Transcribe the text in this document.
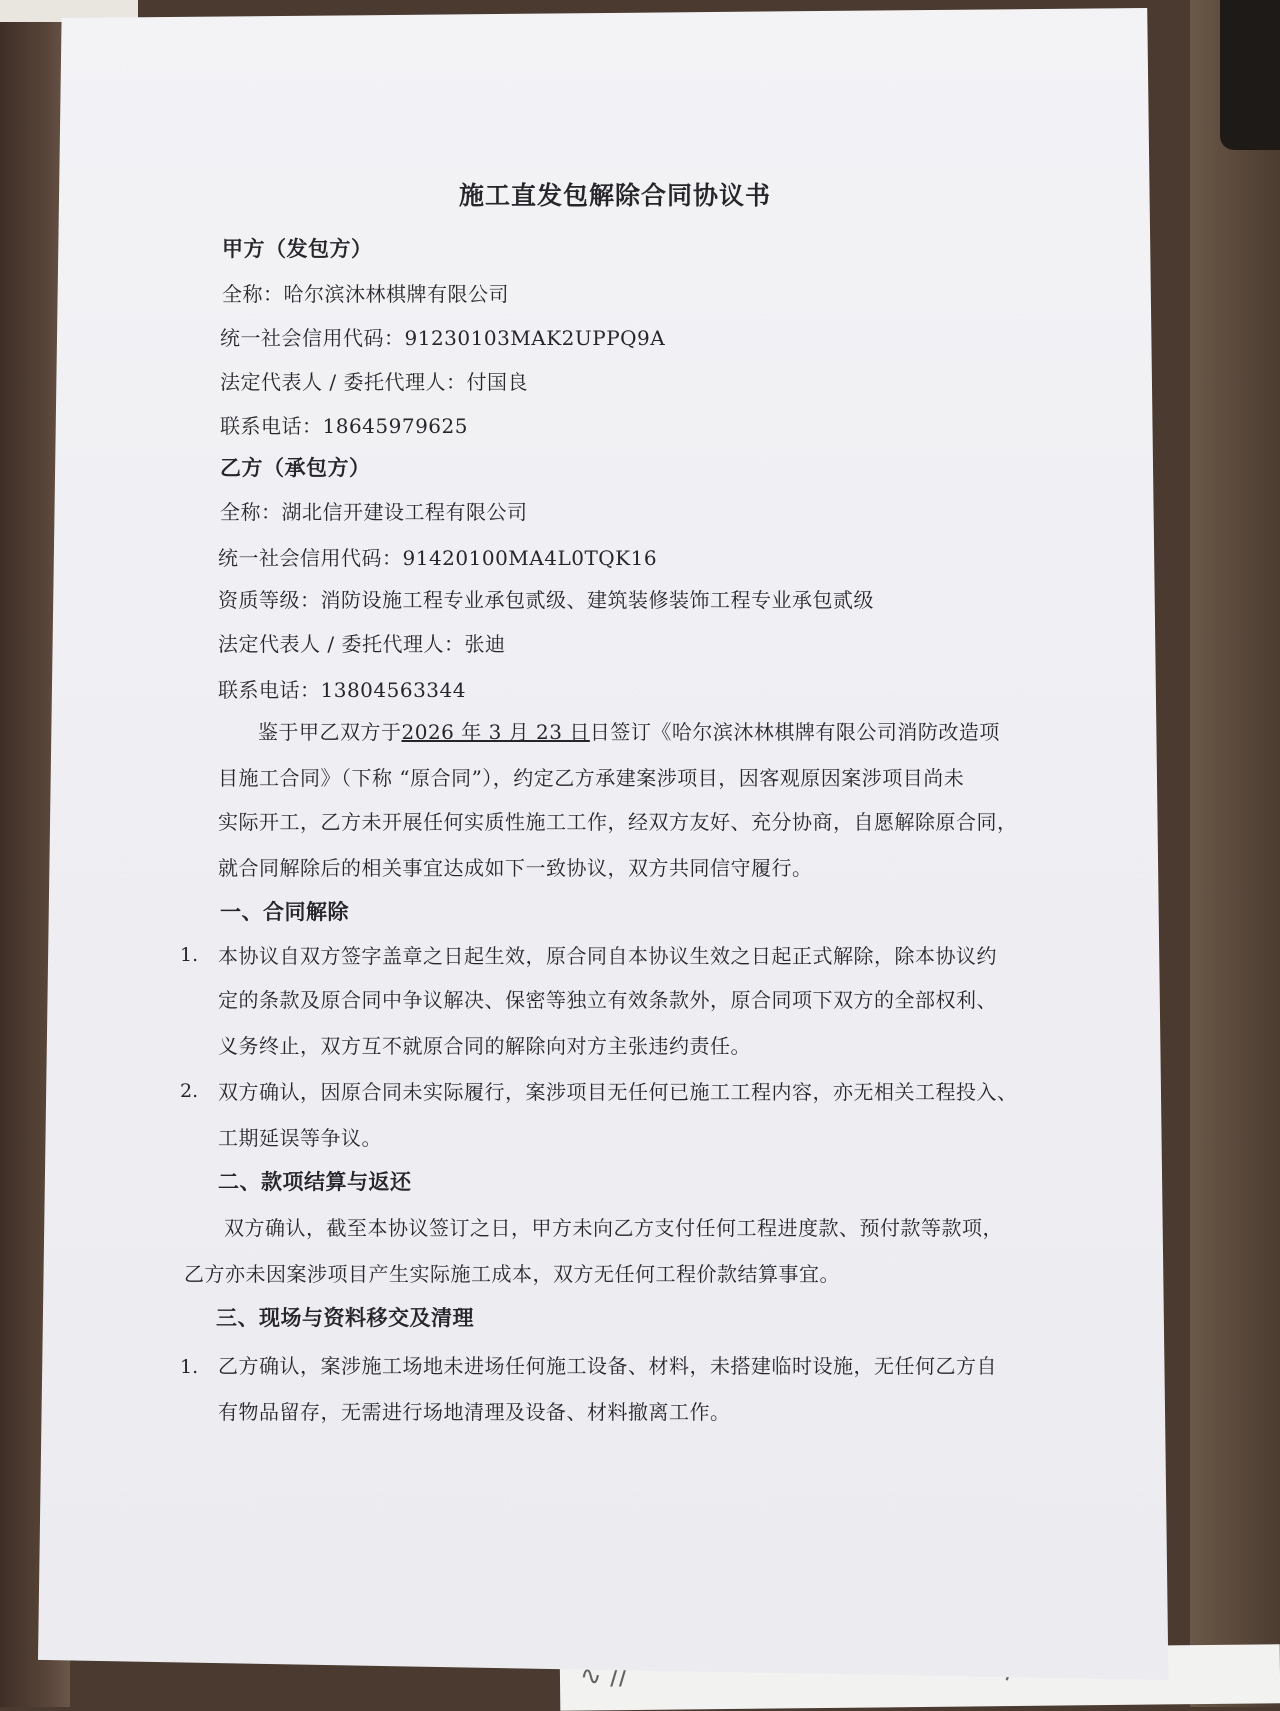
∿ ∕∕
施工直发包解除合同协议书
甲方（发包方）
全称：哈尔滨沐林棋牌有限公司
统一社会信用代码：91230103MAK2UPPQ9A
法定代表人 / 委托代理人：付国良
联系电话：18645979625
乙方（承包方）
全称：湖北信开建设工程有限公司
统一社会信用代码：91420100MA4L0TQK16
资质等级：消防设施工程专业承包贰级、建筑装修装饰工程专业承包贰级
法定代表人 / 委托代理人：张迪
联系电话：13804563344
鉴于甲乙双方于2026 年 3 月 23 日日签订《哈尔滨沐林棋牌有限公司消防改造项
目施工合同》（下称 “原合同”），约定乙方承建案涉项目，因客观原因案涉项目尚未
实际开工，乙方未开展任何实质性施工工作，经双方友好、充分协商，自愿解除原合同，
就合同解除后的相关事宜达成如下一致协议，双方共同信守履行。
一、合同解除
1. 本协议自双方签字盖章之日起生效，原合同自本协议生效之日起正式解除，除本协议约
定的条款及原合同中争议解决、保密等独立有效条款外，原合同项下双方的全部权利、
义务终止，双方互不就原合同的解除向对方主张违约责任。
2. 双方确认，因原合同未实际履行，案涉项目无任何已施工工程内容，亦无相关工程投入、
工期延误等争议。
二、款项结算与返还
双方确认，截至本协议签订之日，甲方未向乙方支付任何工程进度款、预付款等款项，
乙方亦未因案涉项目产生实际施工成本，双方无任何工程价款结算事宜。
三、现场与资料移交及清理
1. 乙方确认，案涉施工场地未进场任何施工设备、材料，未搭建临时设施，无任何乙方自
有物品留存，无需进行场地清理及设备、材料撤离工作。
